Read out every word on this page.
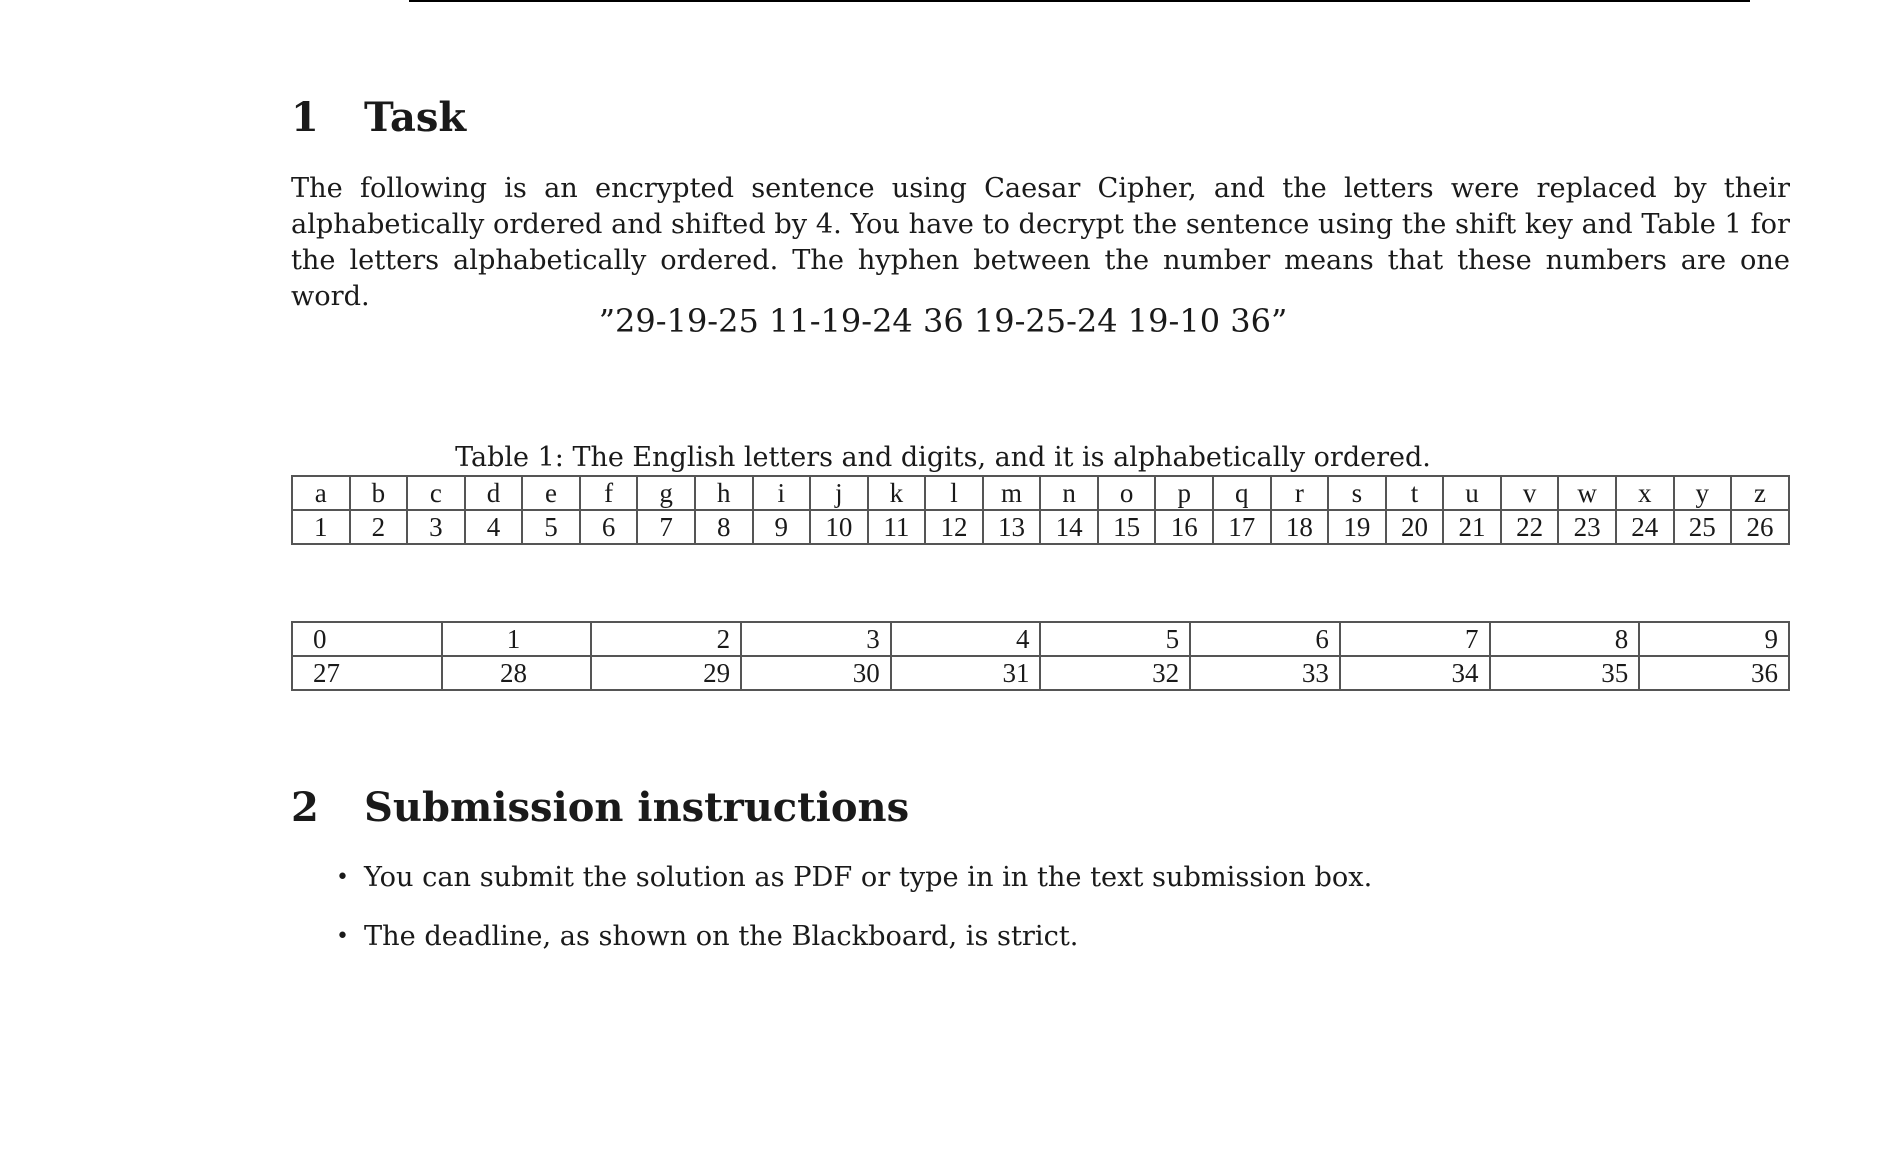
1 Task

The following is an encrypted sentence using Caesar Cipher, and the letters were replaced by their alphabetically ordered and shifted by 4. You have to decrypt the sentence using the shift key and Table 1 for the letters alphabetically ordered. The hyphen between the number means that these numbers are one word.

”29-19-25 11-19-24 36 19-25-24 19-10 36”

Table 1: The English letters and digits, and it is alphabetically ordered.

a	b	c	d	e	f	g	h	i	j	k	l	m	n	o	p	q	r	s	t	u	v	w	x	y	z
1	2	3	4	5	6	7	8	9	10	11	12	13	14	15	16	17	18	19	20	21	22	23	24	25	26
0	1	2	3	4	5	6	7	8	9
27	28	29	30	31	32	33	34	35	36
2 Submission instructions
• You can submit the solution as PDF or type in in the text submission box.
• The deadline, as shown on the Blackboard, is strict.
